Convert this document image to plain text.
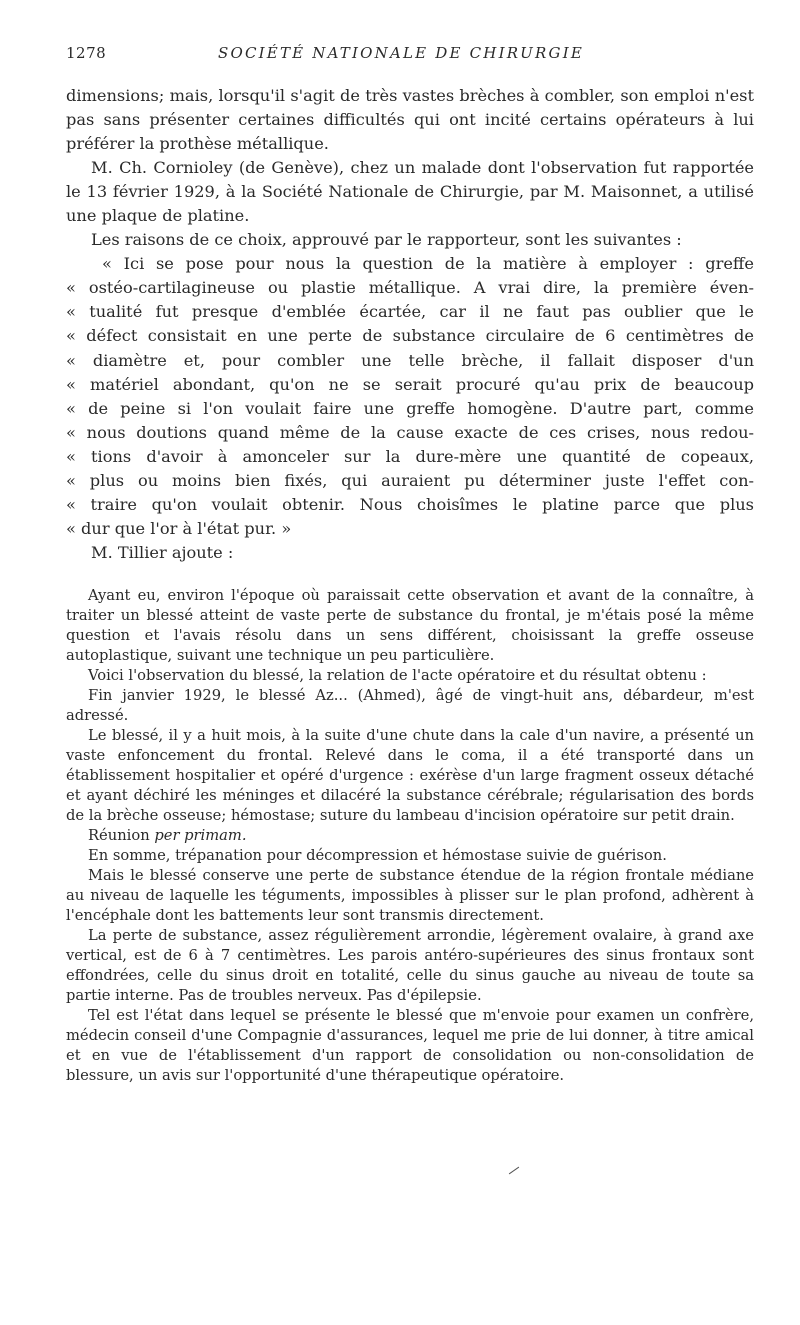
1278	SOCIÉTÉ NATIONALE DE CHIRURGIE

dimensions; mais, lorsqu'il s'agit de très vastes brèches à combler, son emploi n'est pas sans présenter certaines difficultés qui ont incité certains opérateurs à lui préférer la prothèse métallique.

M. Ch. Cornioley (de Genève), chez un malade dont l'observation fut rapportée le 13 février 1929, à la Société Nationale de Chirurgie, par M. Maisonnet, a utilisé une plaque de platine.

Les raisons de ce choix, approuvé par le rapporteur, sont les suivantes :

« Ici se pose pour nous la question de la matière à employer : greffe
« ostéo-cartilagineuse ou plastie métallique. A vrai dire, la première éven-
« tualité fut presque d'emblée écartée, car il ne faut pas oublier que le
« défect consistait en une perte de substance circulaire de 6 centimètres de
« diamètre et, pour combler une telle brèche, il fallait disposer d'un
« matériel abondant, qu'on ne se serait procuré qu'au prix de beaucoup
« de peine si l'on voulait faire une greffe homogène. D'autre part, comme
« nous doutions quand même de la cause exacte de ces crises, nous redou-
« tions d'avoir à amonceler sur la dure-mère une quantité de copeaux,
« plus ou moins bien fixés, qui auraient pu déterminer juste l'effet con-
« traire qu'on voulait obtenir. Nous choisîmes le platine parce que plus
« dur que l'or à l'état pur. »

M. Tillier ajoute :

Ayant eu, environ l'époque où paraissait cette observation et avant de la connaître, à traiter un blessé atteint de vaste perte de substance du frontal, je m'étais posé la même question et l'avais résolu dans un sens différent, choisissant la greffe osseuse autoplastique, suivant une technique un peu particulière.

Voici l'observation du blessé, la relation de l'acte opératoire et du résultat obtenu :

Fin janvier 1929, le blessé Az... (Ahmed), âgé de vingt-huit ans, débardeur, m'est adressé.

Le blessé, il y a huit mois, à la suite d'une chute dans la cale d'un navire, a présenté un vaste enfoncement du frontal. Relevé dans le coma, il a été transporté dans un établissement hospitalier et opéré d'urgence : exérèse d'un large fragment osseux détaché et ayant déchiré les méninges et dilacéré la substance cérébrale; régularisation des bords de la brèche osseuse; hémostase; suture du lambeau d'incision opératoire sur petit drain.

Réunion per primam.

En somme, trépanation pour décompression et hémostase suivie de guérison.

Mais le blessé conserve une perte de substance étendue de la région frontale médiane au niveau de laquelle les téguments, impossibles à plisser sur le plan profond, adhèrent à l'encéphale dont les battements leur sont transmis directement.

La perte de substance, assez régulièrement arrondie, légèrement ovalaire, à grand axe vertical, est de 6 à 7 centimètres. Les parois antéro-supérieures des sinus frontaux sont effondrées, celle du sinus droit en totalité, celle du sinus gauche au niveau de toute sa partie interne. Pas de troubles nerveux. Pas d'épilepsie.

Tel est l'état dans lequel se présente le blessé que m'envoie pour examen un confrère, médecin conseil d'une Compagnie d'assurances, lequel me prie de lui donner, à titre amical et en vue de l'établissement d'un rapport de consolidation ou non-consolidation de blessure, un avis sur l'opportunité d'une thérapeutique opératoire.
